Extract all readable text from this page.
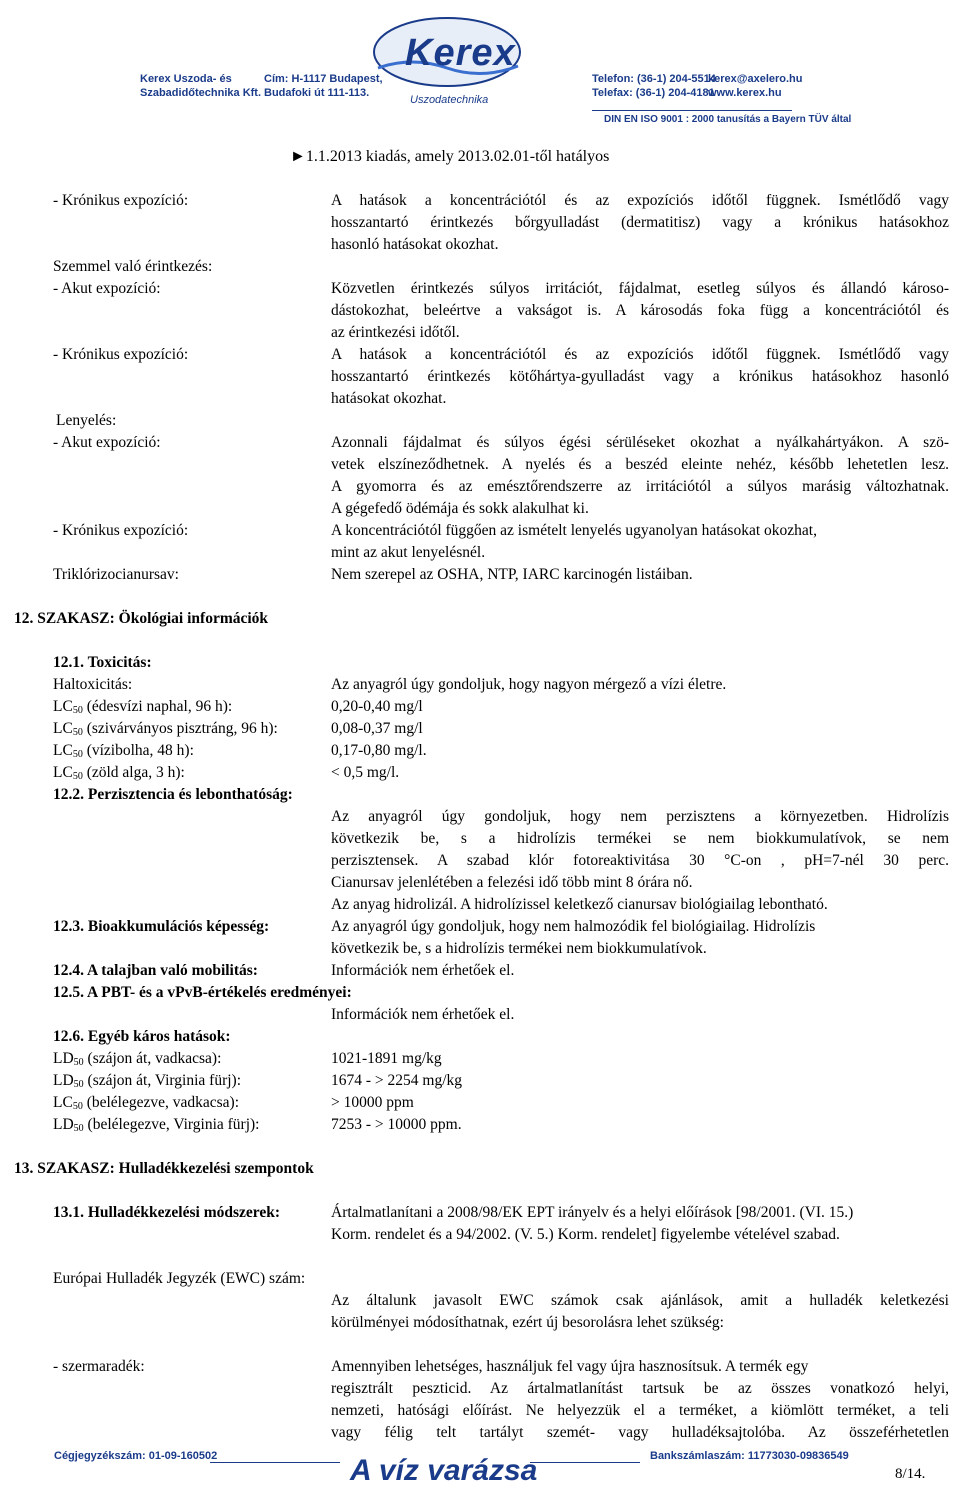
Kerex
Uszodatechnika
Kerex Uszoda- és
Szabadidőtechnika Kft.
Cím: H-1117 Budapest,
Budafoki út 111-113.
Telefon: (36-1) 204-5514
Telefax: (36-1) 204-4181
kerex@axelero.hu
www.kerex.hu
DIN EN ISO 9001 : 2000 tanusítás a Bayern TÜV által
►1.1.2013 kiadás, amely 2013.02.01-től hatályos
- Krónikus expozíció:	A hatások a koncentrációtól és az expozíciós időtől függnek. Ismétlődő vagy
hosszantartó érintkezés bőrgyulladást (dermatitisz) vagy a krónikus hatásokhoz
hasonló hatásokat okozhat.
Szemmel való érintkezés:
- Akut expozíció:	Közvetlen érintkezés súlyos irritációt, fájdalmat, esetleg súlyos és állandó károso-
dástokozhat, beleértve a vakságot is. A károsodás foka függ a koncentrációtól és
az érintkezési időtől.
- Krónikus expozíció:	A hatások a koncentrációtól és az expozíciós időtől függnek. Ismétlődő vagy
hosszantartó érintkezés kötőhártya-gyulladást vagy a krónikus hatásokhoz hasonló
hatásokat okozhat.
Lenyelés:
- Akut expozíció:	Azonnali fájdalmat és súlyos égési sérüléseket okozhat a nyálkahártyákon. A szö-
vetek elszíneződhetnek. A nyelés és a beszéd eleinte nehéz, később lehetetlen lesz.
A gyomorra és az emésztőrendszerre az irritációtól a súlyos marásig változhatnak.
A gégefedő ödémája és sokk alakulhat ki.
- Krónikus expozíció:	A koncentrációtól függően az ismételt lenyelés ugyanolyan hatásokat okozhat,
mint az akut lenyelésnél.
Triklórizocianursav:	Nem szerepel az OSHA, NTP, IARC karcinogén listáiban.
12. SZAKASZ: Ökológiai információk
12.1. Toxicitás:
Haltoxicitás:	Az anyagról úgy gondoljuk, hogy nagyon mérgező a vízi életre.
$LC_{50}$ (édesvízi naphal, 96 h):	0,20-0,40 mg/l
$LC_{50}$ (szivárványos pisztráng, 96 h):	0,08-0,37 mg/l
$LC_{50}$ (vízibolha, 48 h):	0,17-0,80 mg/l.
$LC_{50}$ (zöld alga, 3 h):	< 0,5 mg/l.
12.2. Perzisztencia és lebonthatóság:
Az anyagról úgy gondoljuk, hogy nem perzisztens a környezetben. Hidrolízis
következik be, s a hidrolízis termékei se nem biokkumulatívok, se nem
perzisztensek. A szabad klór fotoreaktivitása 30 °C-on , pH=7-nél 30 perc.
Cianursav jelenlétében a felezési idő több mint 8 órára nő.
Az anyag hidrolizál. A hidrolízissel keletkező cianursav biológiailag lebontható.
12.3. Bioakkumulációs képesség:	Az anyagról úgy gondoljuk, hogy nem halmozódik fel biológiailag. Hidrolízis
következik be, s a hidrolízis termékei nem biokkumulatívok.
12.4. A talajban való mobilitás:	Információk nem érhetőek el.
12.5. A PBT- és a vPvB-értékelés eredményei:
Információk nem érhetőek el.
12.6. Egyéb káros hatások:
$LD_{50}$ (szájon át, vadkacsa):	1021-1891 mg/kg
$LD_{50}$ (szájon át, Virginia fürj):	1674 - > 2254 mg/kg
$LC_{50}$ (belélegezve, vadkacsa):	> 10000 ppm
$LD_{50}$ (belélegezve, Virginia fürj):	7253 - > 10000 ppm.
13. SZAKASZ: Hulladékkezelési szempontok
13.1. Hulladékkezelési módszerek:	Ártalmatlanítani a 2008/98/EK EPT irányelv és a helyi előírások [98/2001. (VI. 15.)
Korm. rendelet és a 94/2002. (V. 5.) Korm. rendelet] figyelembe vételével szabad.
Európai Hulladék Jegyzék (EWC) szám:
Az általunk javasolt EWC számok csak ajánlások, amit a hulladék keletkezési
körülményei módosíthatnak, ezért új besorolásra lehet szükség:
- szermaradék:	Amennyiben lehetséges, használjuk fel vagy újra hasznosítsuk. A termék egy
regisztrált peszticid. Az ártalmatlanítást tartsuk be az összes vonatkozó helyi,
nemzeti, hatósági előírást. Ne helyezzük el a terméket, a kiömlött terméket, a teli
vagy félig telt tartályt szemét- vagy hulladéksajtolóba. Az összeférhetetlen
Cégjegyzékszám: 01-09-160502	A víz varázsa	Bankszámlaszám: 11773030-09836549
8/14.
